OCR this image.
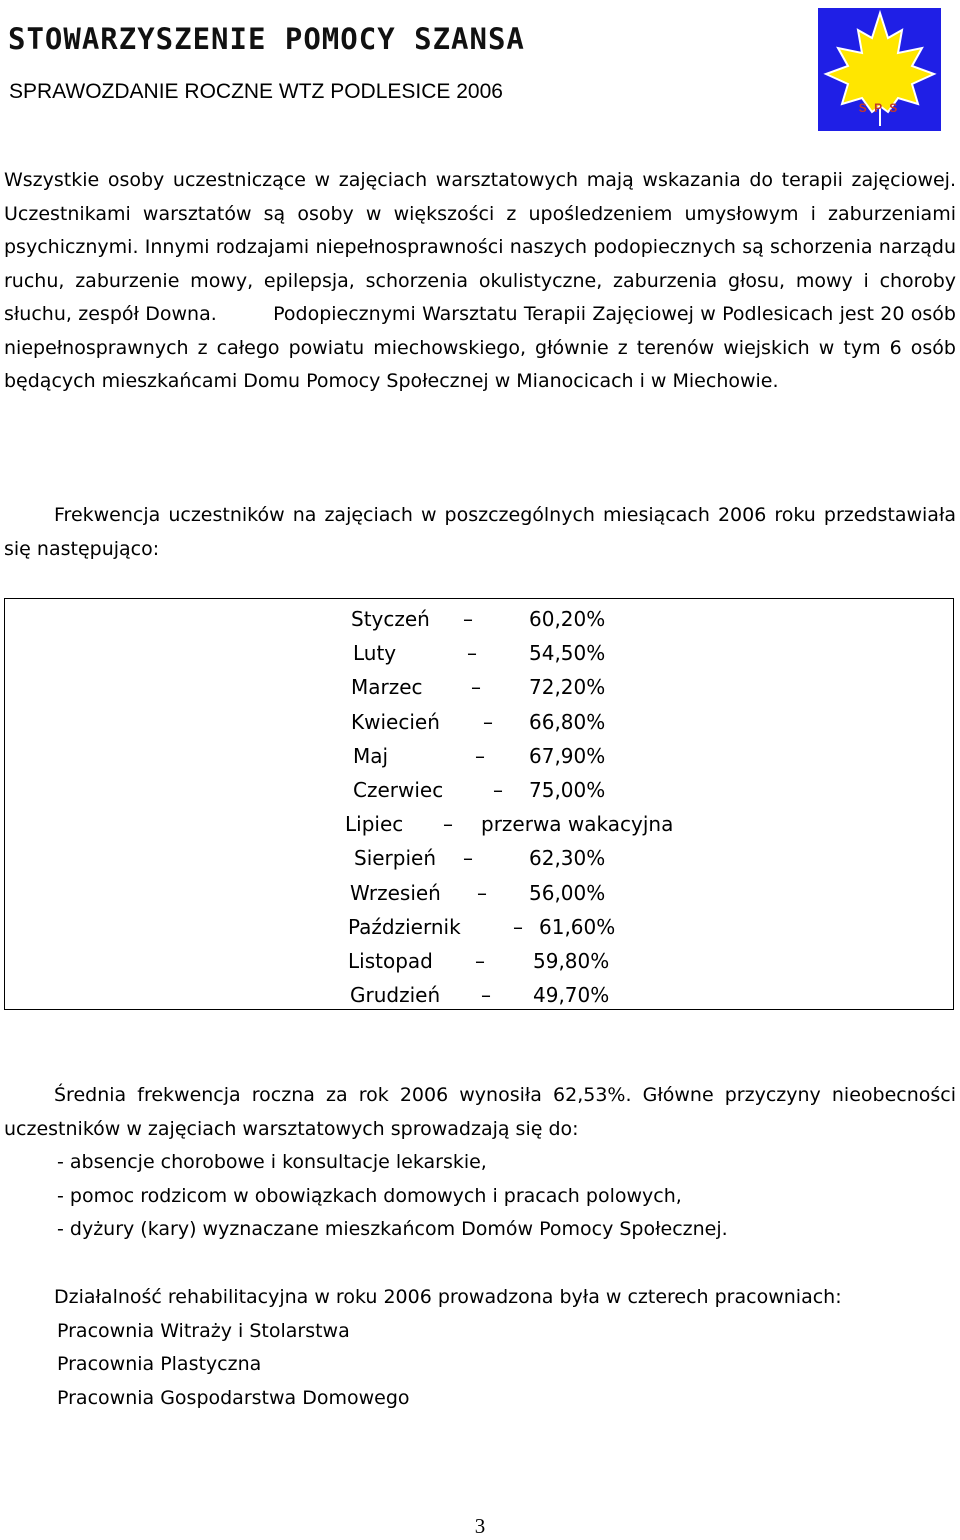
STOWARZYSZENIE POMOCY SZANSA
SPRAWOZDANIE ROCZNE WTZ PODLESICE 2006
S P S
Wszystkie osoby uczestniczące w zajęciach warsztatowych mają wskazania do terapii zajęciowej. Uczestnikami warsztatów są osoby w większości z upośledzeniem umysłowym i zaburzeniami psychicznymi. Innymi rodzajami niepełnosprawności naszych podopiecznych są schorzenia narządu ruchu, zaburzenie mowy, epilepsja, schorzenia okulistyczne, zaburzenia głosu, mowy i choroby słuchu, zespół Downa.	Podopiecznymi Warsztatu Terapii Zajęciowej w Podlesicach jest 20 osób niepełnosprawnych z całego powiatu miechowskiego, głównie z terenów wiejskich w tym 6 osób będących mieszkańcami Domu Pomocy Społecznej w Mianocicach i w Miechowie.
Frekwencja uczestników na zajęciach w poszczególnych miesiącach 2006 roku przedstawiała się następująco:
Styczeń –	60,20%
Luty	–	54,50%
Marzec – 72,20%
Kwiecień – 66,80%
Maj	– 67,90%
Czerwiec – 75,00%
Lipiec – przerwa wakacyjna
Sierpień –	62,30%
Wrzesień – 56,00%
Październik	– 61,60%
Listopad – 59,80%
Grudzień – 49,70%
Średnia frekwencja roczna za rok 2006 wynosiła 62,53%. Główne przyczyny nieobecności uczestników w zajęciach warsztatowych sprowadzają się do:
- absencje chorobowe i konsultacje lekarskie,
- pomoc rodzicom w obowiązkach domowych i pracach polowych,
- dyżury (kary) wyznaczane mieszkańcom Domów Pomocy Społecznej.
Działalność rehabilitacyjna w roku 2006 prowadzona była w czterech pracowniach:
Pracownia Witraży i Stolarstwa
Pracownia Plastyczna
Pracownia Gospodarstwa Domowego
3
